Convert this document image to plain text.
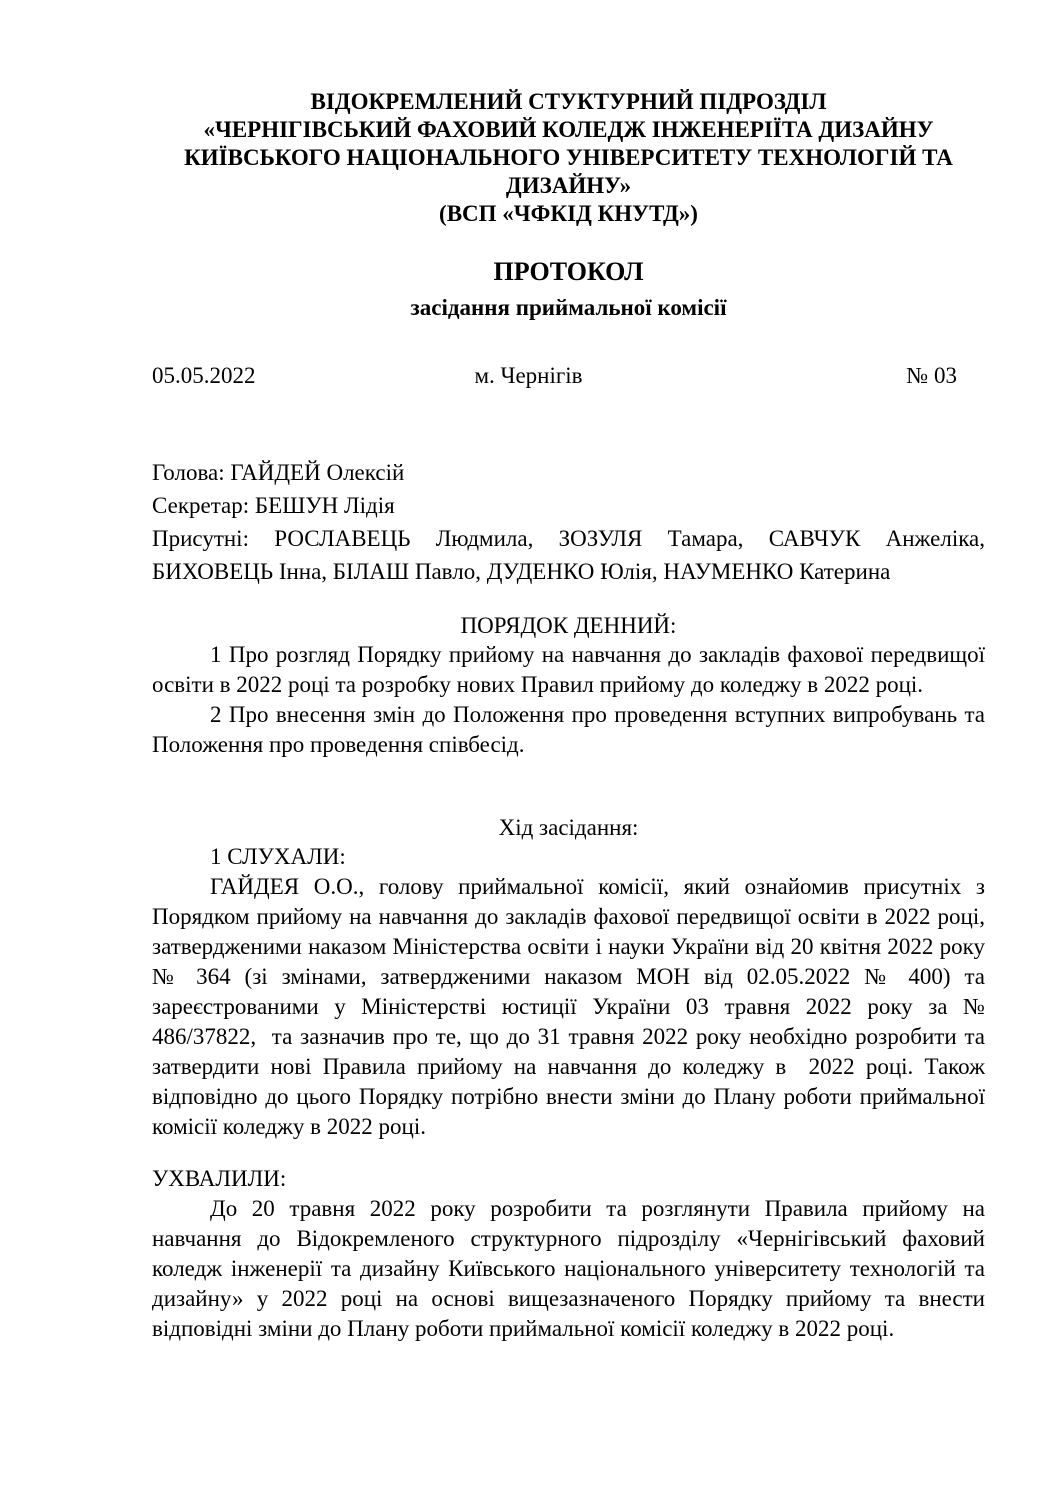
ВІДОКРЕМЛЕНИЙ СТУКТУРНИЙ ПІДРОЗДІЛ
«ЧЕРНІГІВСЬКИЙ ФАХОВИЙ КОЛЕДЖ ІНЖЕНЕРІЇТА ДИЗАЙНУ
КИЇВСЬКОГО НАЦІОНАЛЬНОГО УНІВЕРСИТЕТУ ТЕХНОЛОГІЙ ТА
ДИЗАЙНУ»
(ВСП «ЧФКІД КНУТД»)
ПРОТОКОЛ
засідання приймальної комісії
05.05.2022	м. Чернігів	№ 03
Голова: ГАЙДЕЙ Олексій
Секретар: БЕШУН Лідія
Присутні: РОСЛАВЕЦЬ Людмила, ЗОЗУЛЯ Тамара, САВЧУК Анжеліка, БИХОВЕЦЬ Інна, БІЛАШ Павло, ДУДЕНКО Юлія, НАУМЕНКО Катерина
ПОРЯДОК ДЕННИЙ:
1 Про розгляд Порядку прийому на навчання до закладів фахової передвищої освіти в 2022 році та розробку нових Правил прийому до коледжу в 2022 році.
2 Про внесення змін до Положення про проведення вступних випробувань та  Положення про проведення співбесід.
Хід засідання:
1 СЛУХАЛИ:
ГАЙДЕЯ О.О., голову приймальної комісії, який ознайомив присутніх з Порядком прийому на навчання до закладів фахової передвищої освіти в 2022 році, затвердженими наказом Міністерства освіти і науки України від 20 квітня 2022 року № 364 (зі змінами, затвердженими наказом МОН від 02.05.2022 № 400) та зареєстрованими у Міністерстві юстиції України 03 травня 2022 року за № 486/37822,  та зазначив про те, що до 31 травня 2022 року необхідно розробити та затвердити нові Правила прийому на навчання до коледжу в  2022 році. Також відповідно до цього Порядку потрібно внести зміни до Плану роботи приймальної комісії коледжу в 2022 році.
УХВАЛИЛИ:
До 20 травня 2022 року розробити та розглянути Правила прийому на навчання до Відокремленого структурного підрозділу «Чернігівський фаховий коледж інженерії та дизайну Київського національного університету технологій та дизайну» у 2022 році на основі вищезазначеного Порядку прийому та внести відповідні зміни до Плану роботи приймальної комісії коледжу в 2022 році.
